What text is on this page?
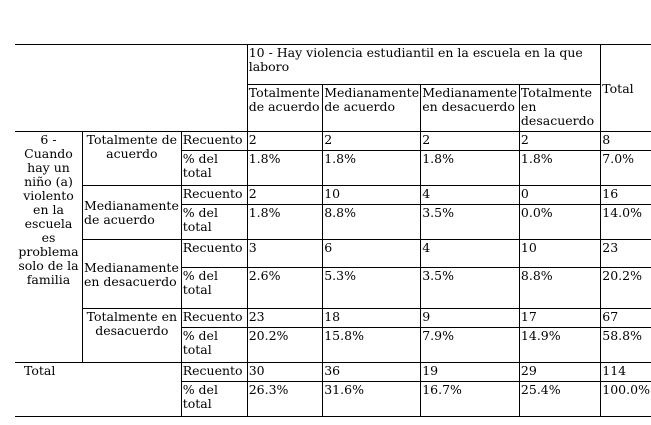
			10 - Hay violencia estudiantil en la escuela en la que laboro				Total
			Totalmente de acuerdo	Medianamente de acuerdo	Medianamente en desacuerdo	Totalmente en desacuerdo	
6 - Cuando hay un niño (a) violento en la escuela es problema solo de la familia	Totalmente de acuerdo	Recuento	2	2	2	2	8
		% del total	1.8%	1.8%	1.8%	1.8%	7.0%
	Medianamente de acuerdo	Recuento	2	10	4	0	16
		% del total	1.8%	8.8%	3.5%	0.0%	14.0%
	Medianamente en desacuerdo	Recuento	3	6	4	10	23
		% del total	2.6%	5.3%	3.5%	8.8%	20.2%
	Totalmente en desacuerdo	Recuento	23	18	9	17	67
		% del total	20.2%	15.8%	7.9%	14.9%	58.8%
Total		Recuento	30	36	19	29	114
		% del total	26.3%	31.6%	16.7%	25.4%	100.0%
